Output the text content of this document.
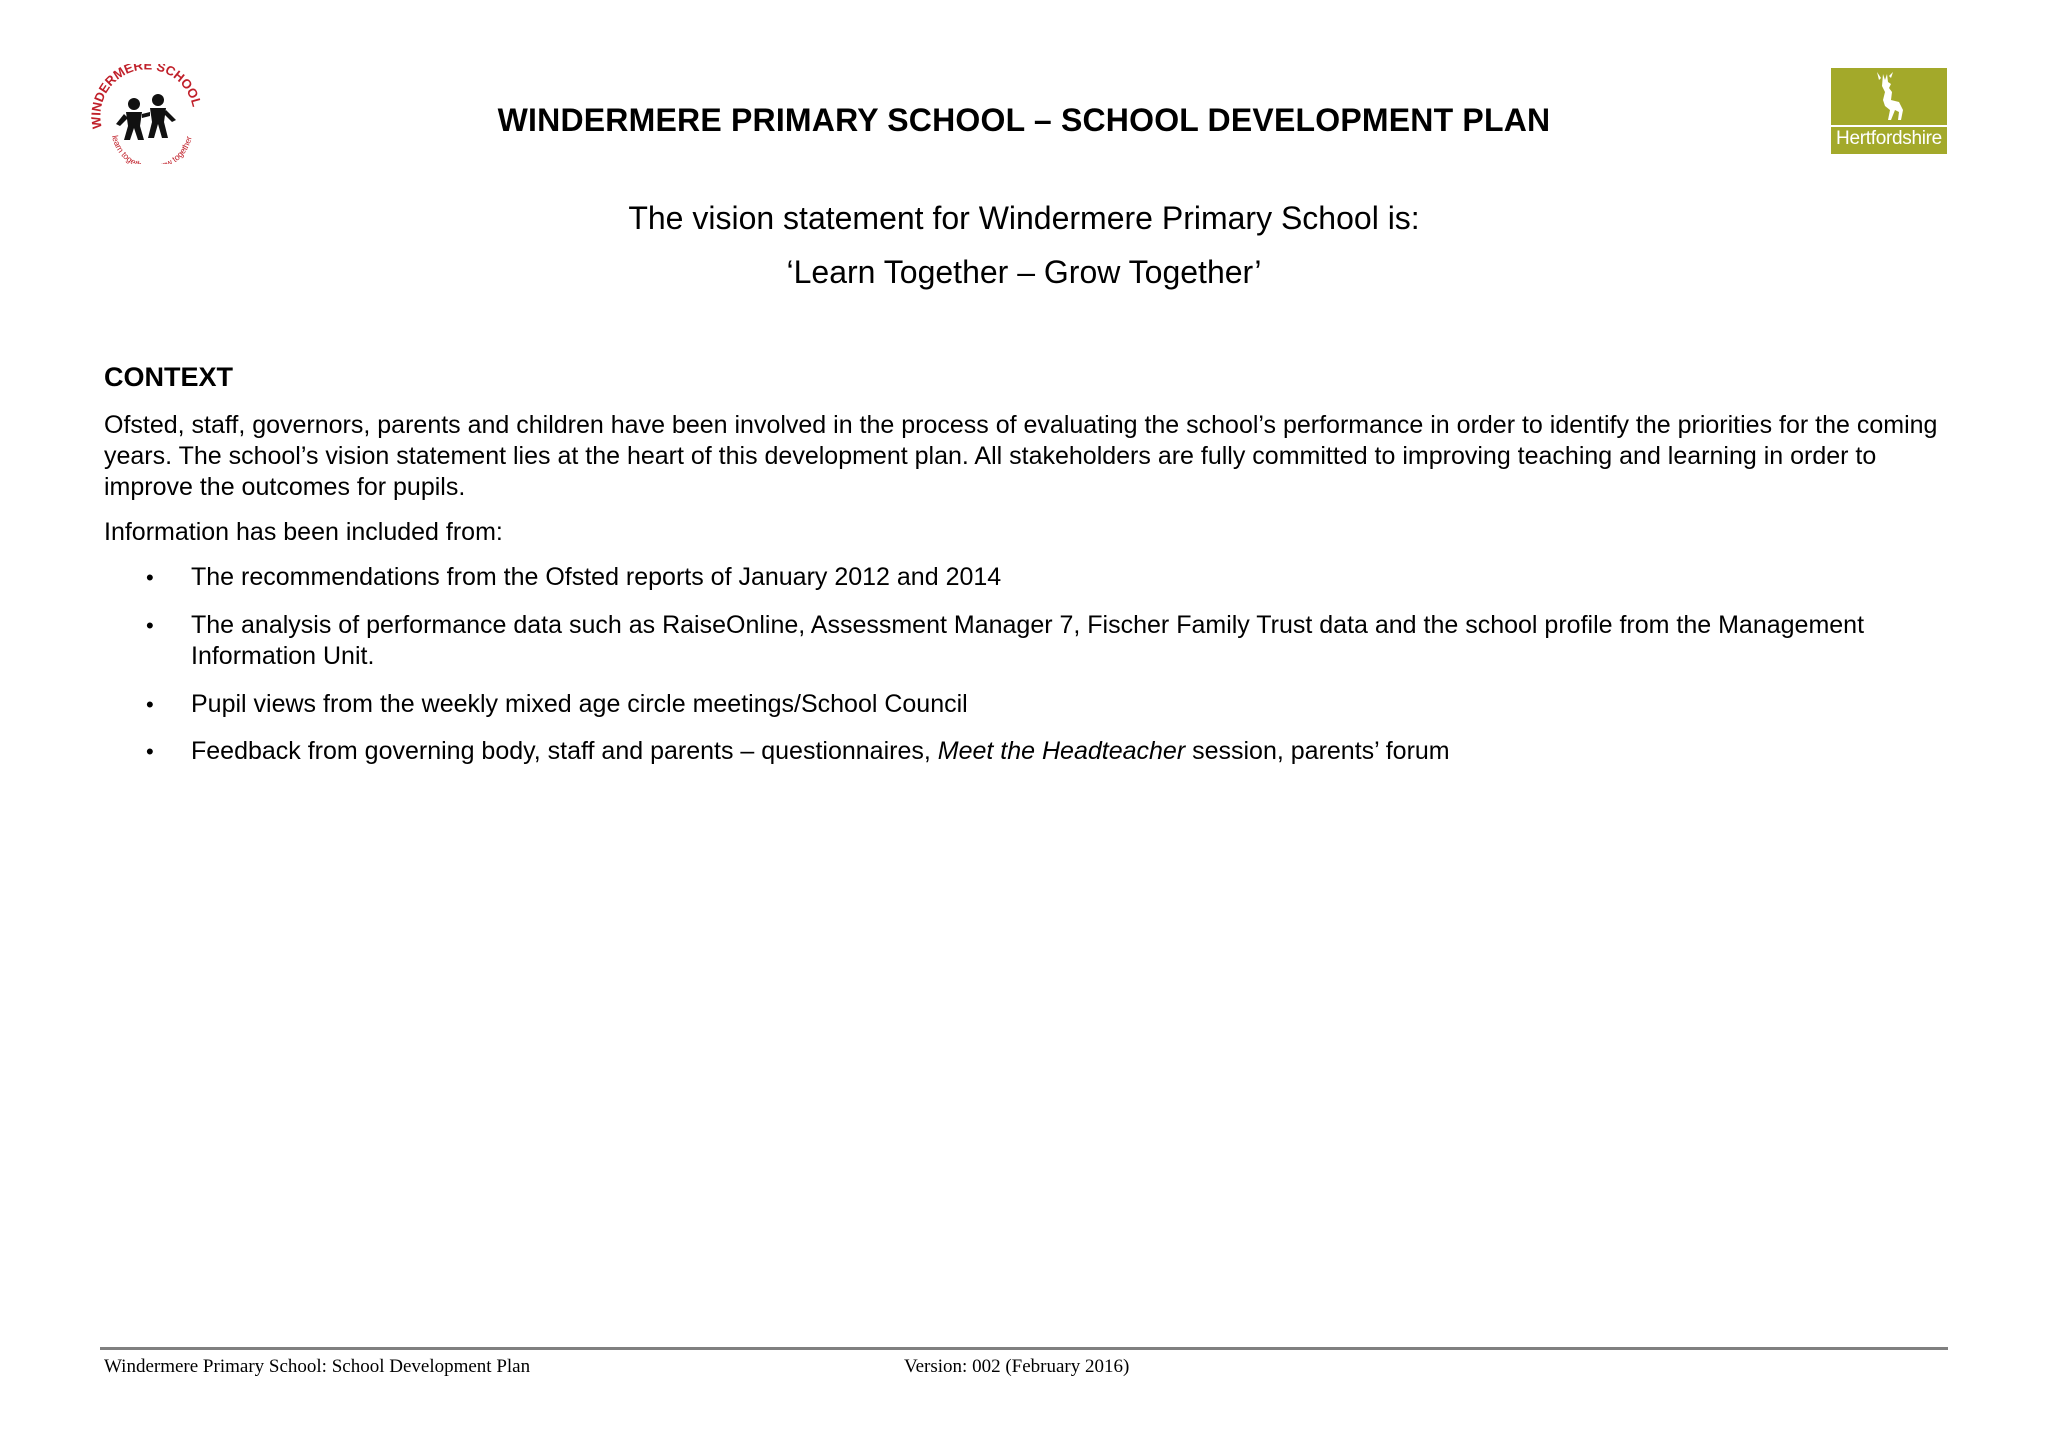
WINDERMERE SCHOOL
learn toget w together	Hertfordshire
WINDERMERE PRIMARY SCHOOL – SCHOOL DEVELOPMENT PLAN
The vision statement for Windermere Primary School is:
‘Learn Together – Grow Together’
CONTEXT
Ofsted, staff, governors, parents and children have been involved in the process of evaluating the school’s performance in order to identify the priorities for the coming years. The school’s vision statement lies at the heart of this development plan. All stakeholders are fully committed to improving teaching and learning in order to improve the outcomes for pupils.
Information has been included from:
• The recommendations from the Ofsted reports of January 2012 and 2014
• The analysis of performance data such as RaiseOnline, Assessment Manager 7, Fischer Family Trust data and the school profile from the Management Information Unit.
• Pupil views from the weekly mixed age circle meetings/School Council
• Feedback from governing body, staff and parents – questionnaires, Meet the Headteacher session, parents’ forum
Windermere Primary School: School Development Plan	Version: 002 (February 2016)
